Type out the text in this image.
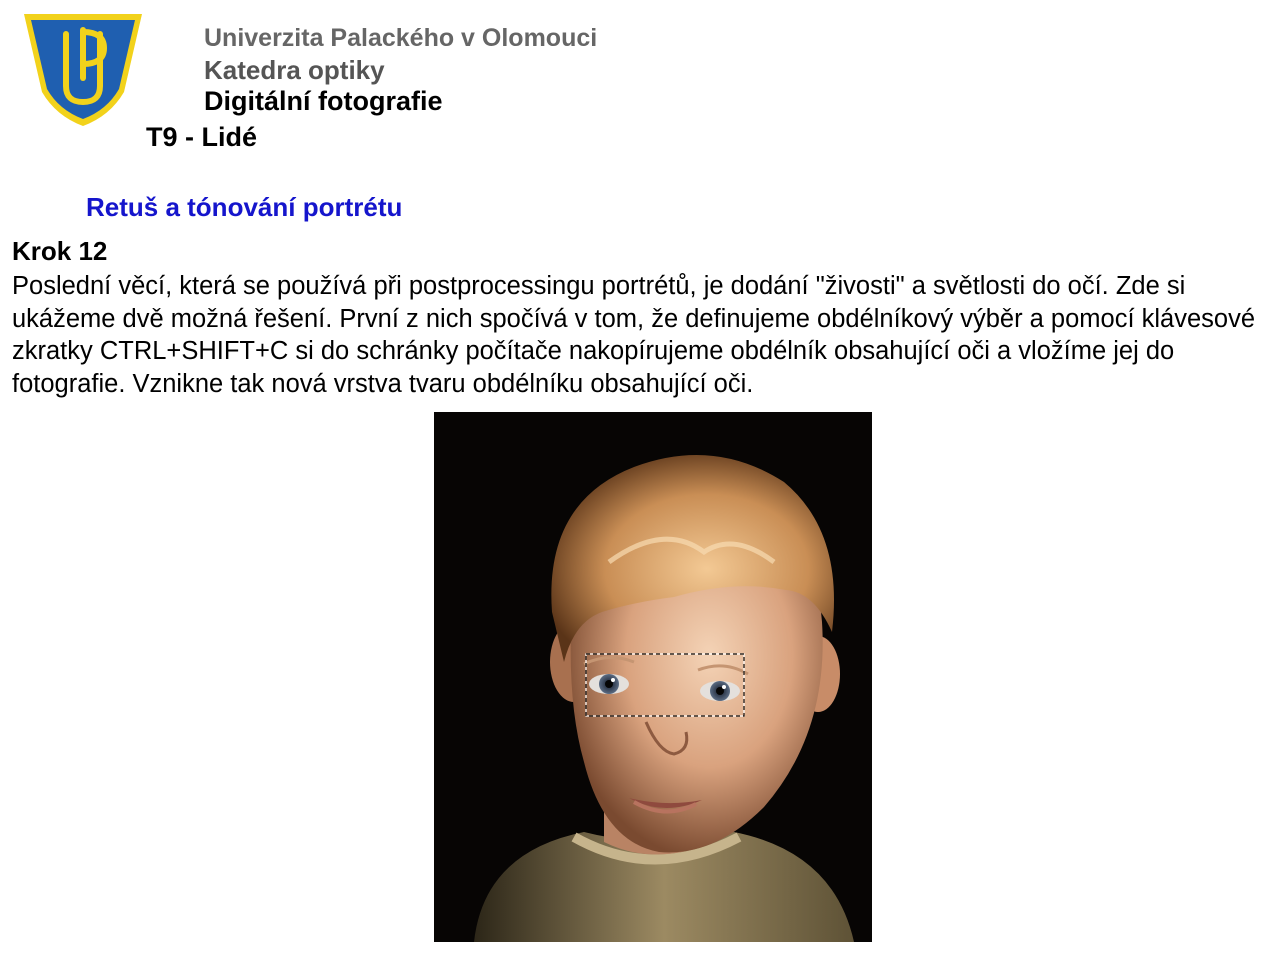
Univerzita Palackého v Olomouci
Katedra optiky
Digitální fotografie
T9 - Lidé
Retuš a tónování portrétu
Krok 12
Poslední věcí, která se používá při postprocessingu portrétů, je dodání "živosti" a světlosti do očí. Zde si ukážeme dvě možná řešení. První z nich spočívá v tom, že definujeme obdélníkový výběr a pomocí klávesové zkratky CTRL+SHIFT+C si do schránky počítače nakopírujeme obdélník obsahující oči a vložíme jej do fotografie. Vznikne tak nová vrstva tvaru obdélníku obsahující oči.
